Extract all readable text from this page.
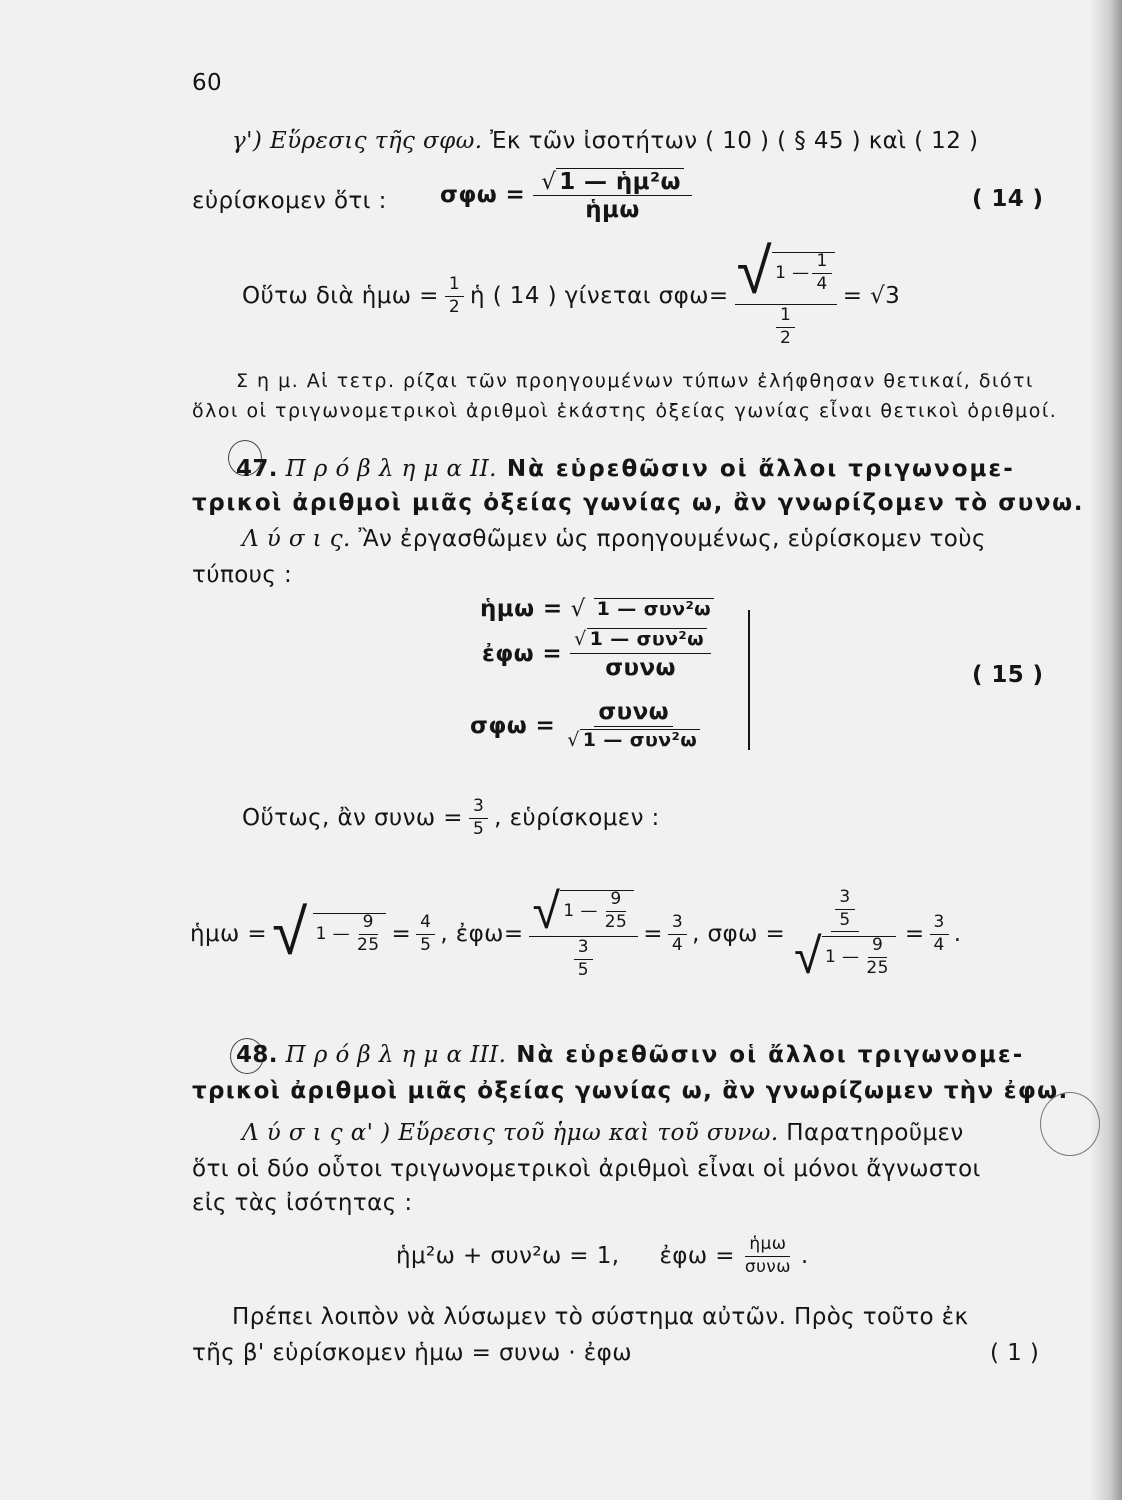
60
γ') Εὕρεσις τῆς σφω. Ἐκ τῶν ἰσοτήτων ( 10 ) ( § 45 ) καὶ ( 12 )
εὑρίσκομεν ὅτι : $\sigma\varphi\omega = \frac{\text{√ 1 — ἡμ²ω}}{\text{ἡμω}}$	( 14 )
Οὕτω διὰ ἡμω = $\frac{1}{2}$ ἡ ( 14 ) γίνεται $\sigma\varphi\omega= \frac{√ 1 — \frac{1}{4}}{\frac{1}{2}} = √3$
Σ η μ. Αἱ τετρ. ρίζαι τῶν προηγουμένων τύπων ἐλήφθησαν θετικαί, διότι
ὅλοι οἱ τριγωνομετρικοὶ ἀριθμοὶ ἑκάστης ὀξείας γωνίας εἶναι θετικοὶ ὁριθμοί.
47. Π ρ ό β λ η μ α ΙΙ. Νὰ εὑρεθῶσιν οἱ ἄλλοι τριγωνομε-
τρικοὶ ἀριθμοὶ μιᾶς ὀξείας γωνίας ω, ἂν γνωρίζομεν τὸ συνω.
Λ ύ σ ι ς. Ἂν ἐργασθῶμεν ὡς προηγουμένως, εὑρίσκομεν τοὺς
τύπους :
ἡμω = √ 1 — συν²ω
ἐφω = $\frac{\text{√ 1 — συν²ω}}{\text{συνω}}$
$\sigma\varphi\omega = \frac{\text{συνω}}{\text{√ 1 — συν²ω}}$
( 15 )
Οὕτως, ἂν $\sigma\upsilon\nu\omega = \frac{3}{5}$ , εὑρίσκομεν :
ἡμω = √ 1 — $\frac{9}{25} = \frac{4}{5}$ , ἐφω= $\frac{√ 1 — \frac{9}{25}}{\frac{3}{5}} = \frac{3}{4}$ , $\sigma\varphi\omega = \frac{\frac{3}{5}}{√ 1 — \frac{9}{25}} = \frac{3}{4}$ .
48. Π ρ ό β λ η μ α ΙΙΙ. Νὰ εὑρεθῶσιν οἱ ἄλλοι τριγωνομε-
τρικοὶ ἀριθμοὶ μιᾶς ὀξείας γωνίας ω, ἂν γνωρίζωμεν τὴν ἐφω.
Λ ύ σ ι ς α' ) Εὕρεσις τοῦ ἡμω καὶ τοῦ συνω. Παρατηροῦμεν
ὅτι οἱ δύο οὗτοι τριγωνομετρικοὶ ἀριθμοὶ εἶναι οἱ μόνοι ἄγνωστοι
εἰς τὰς ἰσότητας :
ἡμ²ω + συν²ω = 1, ἐφω = $\frac{\text{ἡμω}}{\text{συνω}}$ .
Πρέπει λοιπὸν νὰ λύσωμεν τὸ σύστημα αὐτῶν. Πρὸς τοῦτο ἐκ
τῆς β' εὑρίσκομεν ἡμω = συνω · ἐφω	( 1 )
